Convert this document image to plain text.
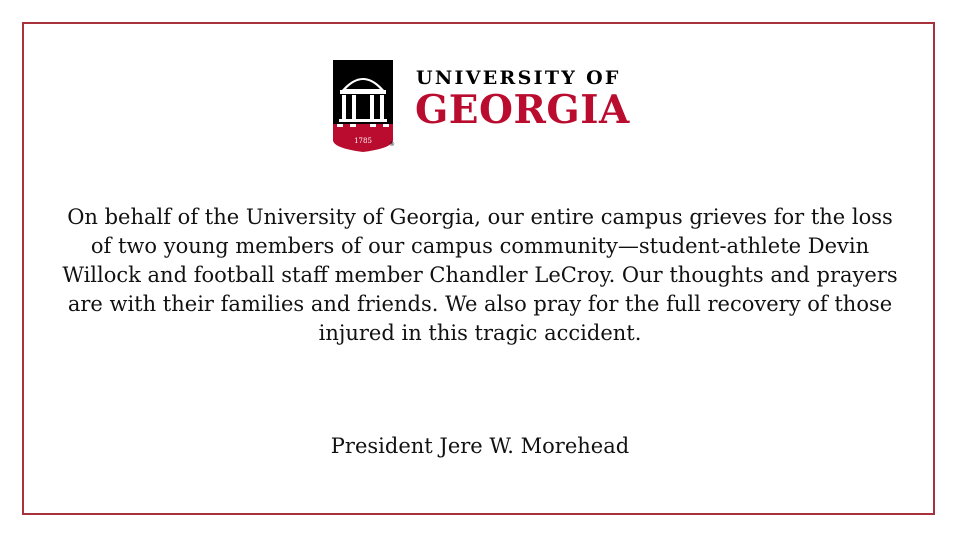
1785	®
UNIVERSITY OF
GEORGIA

On behalf of the University of Georgia, our entire campus grieves for the loss of two young members of our campus community—student-athlete Devin Willock and football staff member Chandler LeCroy. Our thoughts and prayers are with their families and friends. We also pray for the full recovery of those injured in this tragic accident.

President Jere W. Morehead
